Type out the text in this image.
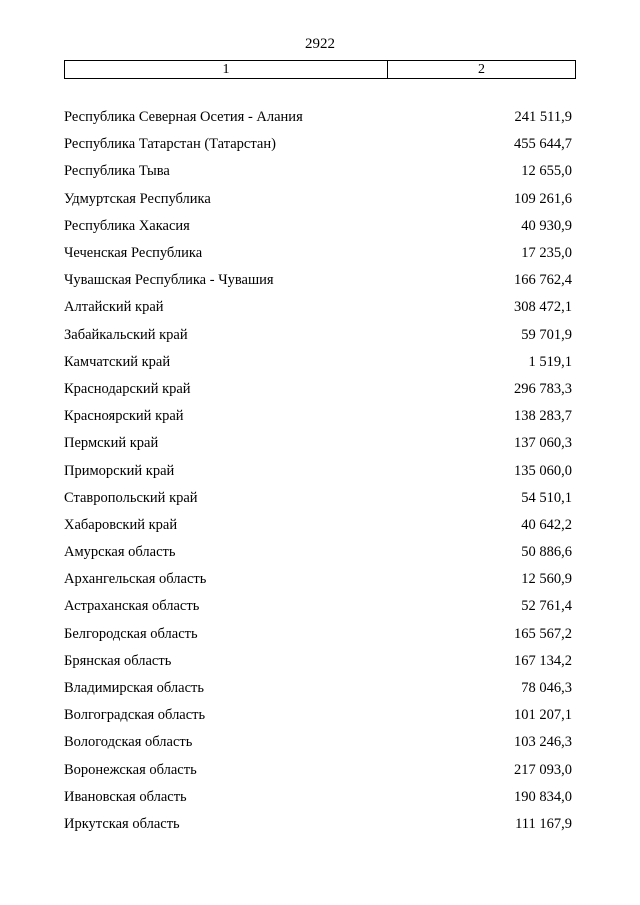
2922
1	2
Республика Северная Осетия - Алания	241 511,9
Республика Татарстан (Татарстан)	455 644,7
Республика Тыва	12 655,0
Удмуртская Республика	109 261,6
Республика Хакасия	40 930,9
Чеченская Республика	17 235,0
Чувашская Республика - Чувашия	166 762,4
Алтайский край	308 472,1
Забайкальский край	59 701,9
Камчатский край	1 519,1
Краснодарский край	296 783,3
Красноярский край	138 283,7
Пермский край	137 060,3
Приморский край	135 060,0
Ставропольский край	54 510,1
Хабаровский край	40 642,2
Амурская область	50 886,6
Архангельская область	12 560,9
Астраханская область	52 761,4
Белгородская область	165 567,2
Брянская область	167 134,2
Владимирская область	78 046,3
Волгоградская область	101 207,1
Вологодская область	103 246,3
Воронежская область	217 093,0
Ивановская область	190 834,0
Иркутская область	111 167,9
